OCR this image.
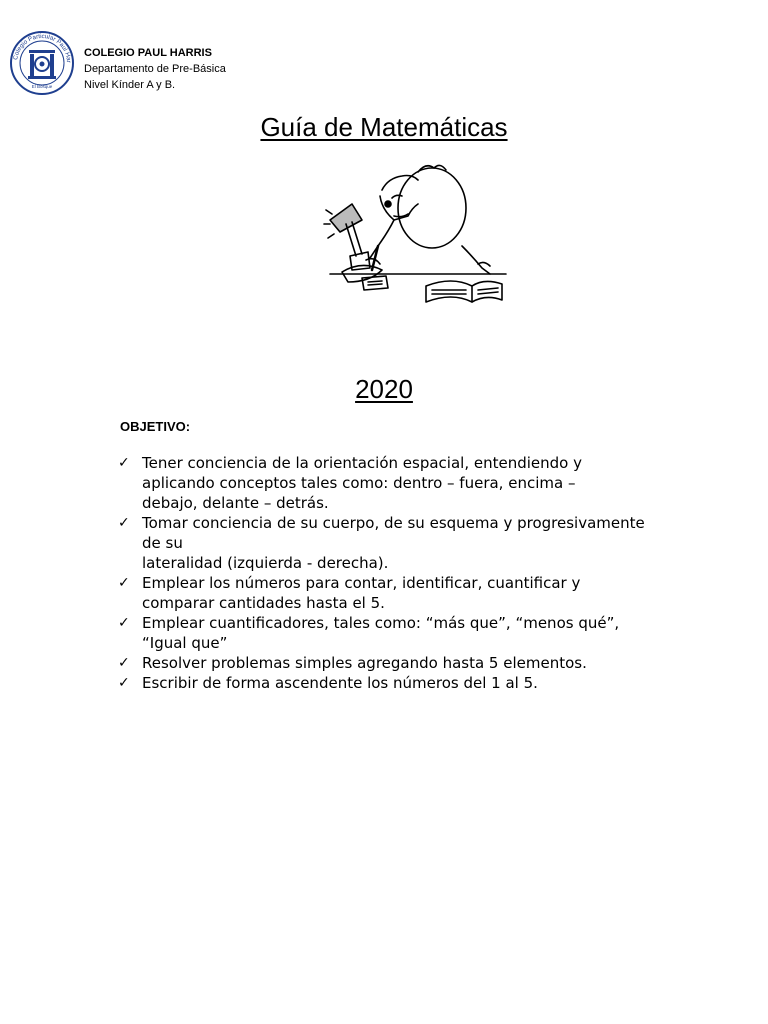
Colegio Particular Paul Har
El Bosque
COLEGIO PAUL HARRIS
Departamento de Pre-Básica
Nivel Kínder A y B.
Guía de Matemáticas
2020
OBJETIVO:
✓ Tener conciencia de la orientación espacial, entendiendo y
aplicando conceptos tales como: dentro – fuera, encima –
debajo, delante – detrás.
✓ Tomar conciencia de su cuerpo, de su esquema y progresivamente
de su
lateralidad (izquierda - derecha).
✓ Emplear los números para contar, identificar, cuantificar y
comparar cantidades hasta el 5.
✓ Emplear cuantificadores, tales como: “más que”, “menos qué”,
“Igual que”
✓ Resolver problemas simples agregando hasta 5 elementos.
✓ Escribir de forma ascendente los números del 1 al 5.
